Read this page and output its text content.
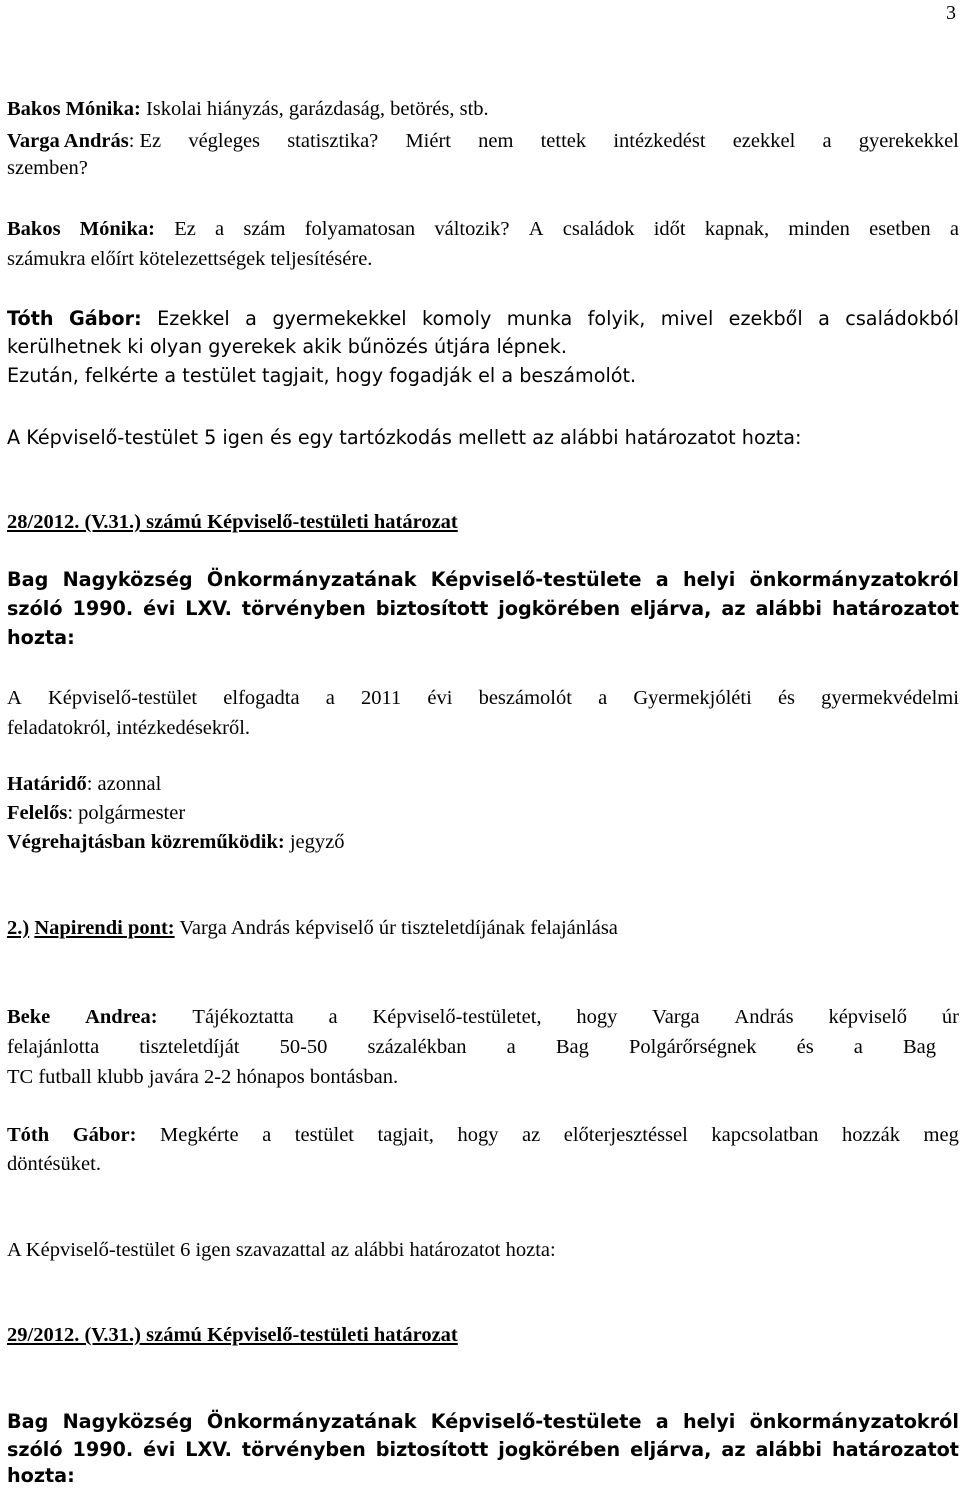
3
Bakos Mónika: Iskolai hiányzás, garázdaság, betörés, stb.
Varga András: Ez végleges statisztika? Miért nem tettek intézkedést ezekkel a gyerekekkel
szemben?
Bakos Mónika: Ez a szám folyamatosan változik? A családok időt kapnak, minden esetben a
számukra előírt kötelezettségek teljesítésére.
Tóth Gábor: Ezekkel a gyermekekkel komoly munka folyik, mivel ezekből a családokból
kerülhetnek ki olyan gyerekek akik bűnözés útjára lépnek.
Ezután, felkérte a testület tagjait, hogy fogadják el a beszámolót.
A Képviselő-testület 5 igen és egy tartózkodás mellett az alábbi határozatot hozta:
28/2012. (V.31.) számú Képviselő-testületi határozat
Bag Nagyközség Önkormányzatának Képviselő-testülete a helyi önkormányzatokról
szóló 1990. évi LXV. törvényben biztosított jogkörében eljárva, az alábbi határozatot
hozta:
A Képviselő-testület elfogadta a 2011 évi beszámolót a Gyermekjóléti és gyermekvédelmi
feladatokról, intézkedésekről.
Határidő: azonnal
Felelős: polgármester
Végrehajtásban közreműködik: jegyző
2.) Napirendi pont: Varga András képviselő úr tiszteletdíjának felajánlása
Beke Andrea: Tájékoztatta a Képviselő-testületet, hogy Varga András képviselő úr
felajánlotta tiszteletdíját 50-50 százalékban a Bag Polgárőrségnek és a Bag
TC futball klubb javára 2-2 hónapos bontásban.
Tóth Gábor: Megkérte a testület tagjait, hogy az előterjesztéssel kapcsolatban hozzák meg
döntésüket.
A Képviselő-testület 6 igen szavazattal az alábbi határozatot hozta:
29/2012. (V.31.) számú Képviselő-testületi határozat
Bag Nagyközség Önkormányzatának Képviselő-testülete a helyi önkormányzatokról
szóló 1990. évi LXV. törvényben biztosított jogkörében eljárva, az alábbi határozatot
hozta:
